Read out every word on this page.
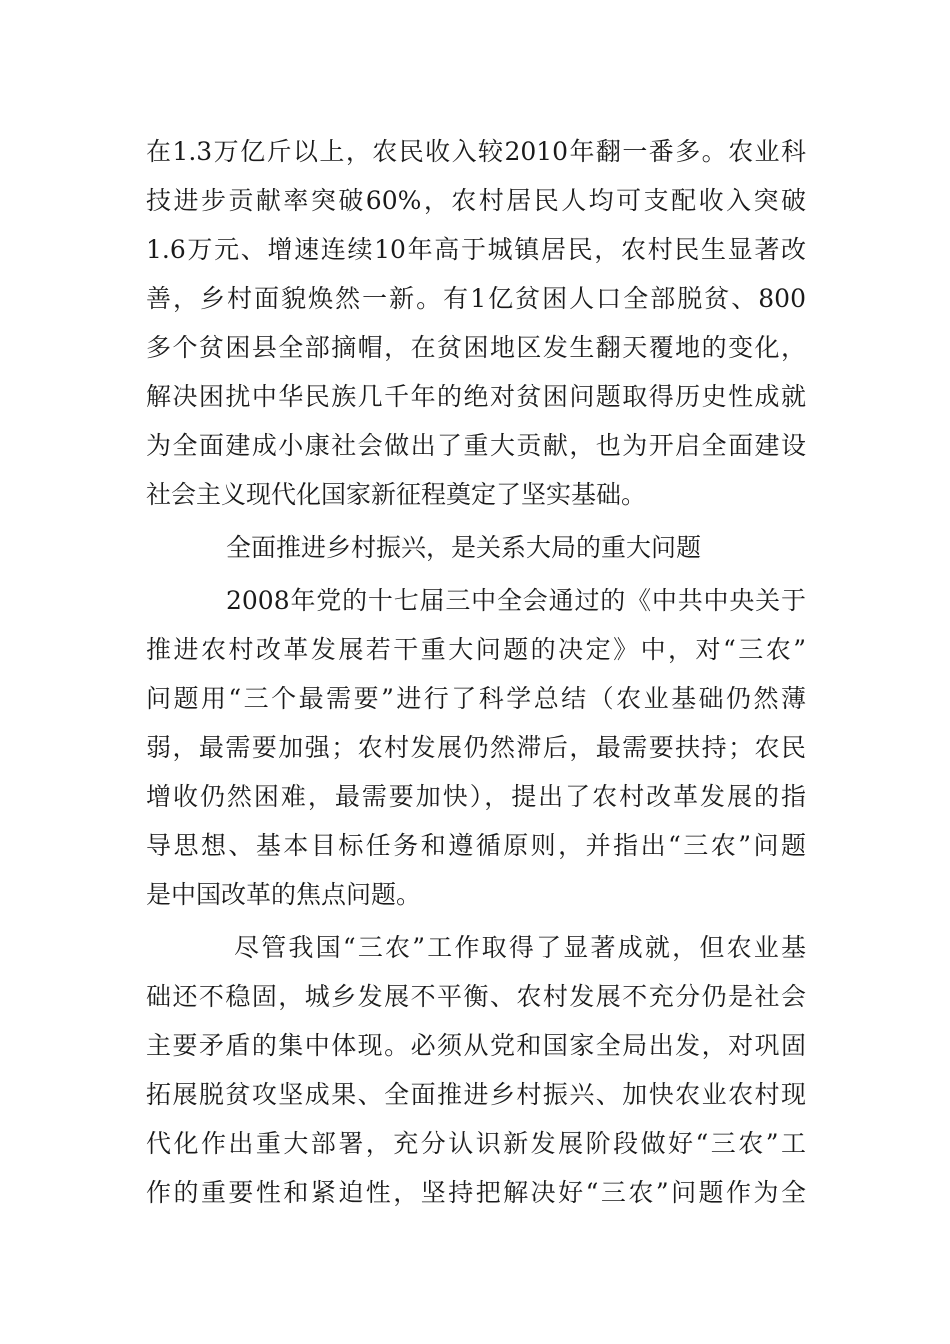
在1.3万亿斤以上，农民收入较2010年翻一番多。农业科
技进步贡献率突破60%，农村居民人均可支配收入突破
1.6万元、增速连续10年高于城镇居民，农村民生显著改
善，乡村面貌焕然一新。有1亿贫困人口全部脱贫、800
多个贫困县全部摘帽，在贫困地区发生翻天覆地的变化，
解决困扰中华民族几千年的绝对贫困问题取得历史性成就
为全面建成小康社会做出了重大贡献，也为开启全面建设
社会主义现代化国家新征程奠定了坚实基础。
全面推进乡村振兴，是关系大局的重大问题
2008年党的十七届三中全会通过的《中共中央关于
推进农村改革发展若干重大问题的决定》中，对“三农”
问题用“三个最需要”进行了科学总结（农业基础仍然薄
弱，最需要加强；农村发展仍然滞后，最需要扶持；农民
增收仍然困难，最需要加快），提出了农村改革发展的指
导思想、基本目标任务和遵循原则，并指出“三农”问题
是中国改革的焦点问题。
尽管我国“三农”工作取得了显著成就，但农业基
础还不稳固，城乡发展不平衡、农村发展不充分仍是社会
主要矛盾的集中体现。必须从党和国家全局出发，对巩固
拓展脱贫攻坚成果、全面推进乡村振兴、加快农业农村现
代化作出重大部署，充分认识新发展阶段做好“三农”工
作的重要性和紧迫性，坚持把解决好“三农”问题作为全
